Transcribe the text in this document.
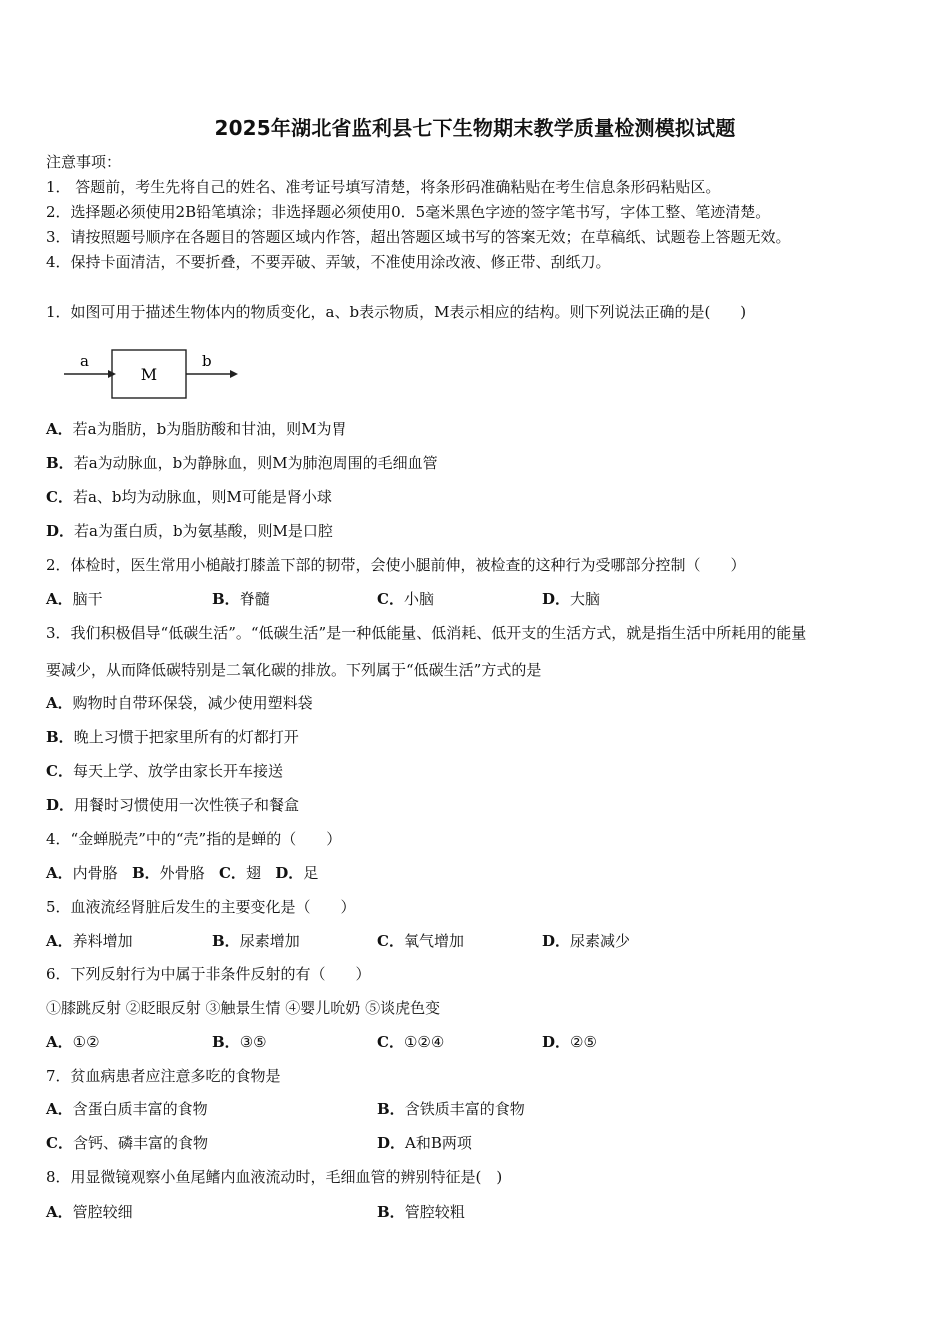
2025年湖北省监利县七下生物期末教学质量检测模拟试题
注意事项：
1． 答题前，考生先将自己的姓名、准考证号填写清楚，将条形码准确粘贴在考生信息条形码粘贴区。
2．选择题必须使用2B铅笔填涂；非选择题必须使用0．5毫米黑色字迹的签字笔书写，字体工整、笔迹清楚。
3．请按照题号顺序在各题目的答题区域内作答，超出答题区域书写的答案无效；在草稿纸、试题卷上答题无效。
4．保持卡面清洁，不要折叠，不要弄破、弄皱，不准使用涂改液、修正带、刮纸刀。
1．如图可用于描述生物体内的物质变化，a、b表示物质，M表示相应的结构。则下列说法正确的是(　　)
a
M
b
A．若a为脂肪，b为脂肪酸和甘油，则M为胃
B．若a为动脉血，b为静脉血，则M为肺泡周围的毛细血管
C．若a、b均为动脉血，则M可能是肾小球
D．若a为蛋白质，b为氨基酸，则M是口腔
2．体检时，医生常用小槌敲打膝盖下部的韧带，会使小腿前伸，被检查的这种行为受哪部分控制（　　）
A．脑干	B．脊髓	C．小脑	D．大脑
3．我们积极倡导“低碳生活”。“低碳生活”是一种低能量、低消耗、低开支的生活方式，就是指生活中所耗用的能量
要减少，从而降低碳特别是二氧化碳的排放。下列属于“低碳生活”方式的是
A．购物时自带环保袋，减少使用塑料袋
B．晚上习惯于把家里所有的灯都打开
C．每天上学、放学由家长开车接送
D．用餐时习惯使用一次性筷子和餐盒
4．“金蝉脱壳”中的“壳”指的是蝉的（　　）
A．内骨胳 B．外骨胳 C．翅 D．足
5．血液流经肾脏后发生的主要变化是（　　）
A．养料增加	B．尿素增加	C．氧气增加	D．尿素减少
6．下列反射行为中属于非条件反射的有（　　）
①膝跳反射 ②眨眼反射 ③触景生情 ④婴儿吮奶 ⑤谈虎色变
A．①②	B．③⑤	C．①②④	D．②⑤
7．贫血病患者应注意多吃的食物是
A．含蛋白质丰富的食物	B．含铁质丰富的食物
C．含钙、磷丰富的食物	D．A和B两项
8．用显微镜观察小鱼尾鳍内血液流动时，毛细血管的辨别特征是(　)
A．管腔较细	B．管腔较粗
